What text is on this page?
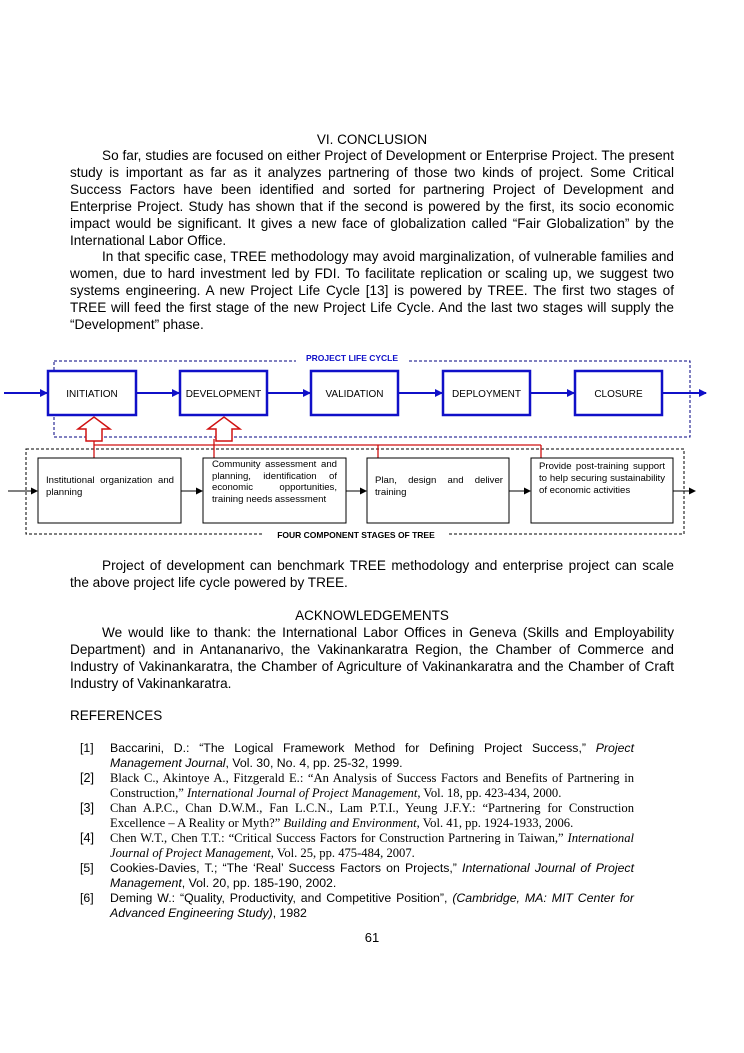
VI. CONCLUSION

So far, studies are focused on either Project of Development or Enterprise Project. The present study is important as far as it analyzes partnering of those two kinds of project. Some Critical Success Factors have been identified and sorted for partnering Project of Development and Enterprise Project. Study has shown that if the second is powered by the first, its socio economic impact would be significant. It gives a new face of globalization called “Fair Globalization” by the International Labor Office.

In that specific case, TREE methodology may avoid marginalization, of vulnerable families and women, due to hard investment led by FDI. To facilitate replication or scaling up, we suggest two systems engineering. A new Project Life Cycle [13] is powered by TREE. The first two stages of TREE will feed the first stage of the new Project Life Cycle. And the last two stages will supply the “Development” phase.

PROJECT LIFE CYCLE
INITIATION	DEVELOPMENT	VALIDATION	DEPLOYMENT	CLOSURE
FOUR COMPONENT STAGES OF TREE
Institutional organization and planning
Community assessment and planning, identification of economic opportunities, training needs assessment
Plan, design and deliver training
Provide post-training support to help securing sustainability of economic activities

Project of development can benchmark TREE methodology and enterprise project can scale the above project life cycle powered by TREE.

ACKNOWLEDGEMENTS

We would like to thank: the International Labor Offices in Geneva (Skills and Employability Department) and in Antananarivo, the Vakinankaratra Region, the Chamber of Commerce and Industry of Vakinankaratra, the Chamber of Agriculture of Vakinankaratra and the Chamber of Craft Industry of Vakinankaratra.

REFERENCES

[1] Baccarini, D.: “The Logical Framework Method for Defining Project Success,” Project Management Journal, Vol. 30, No. 4, pp. 25-32, 1999.

[2] Black C., Akintoye A., Fitzgerald E.: “An Analysis of Success Factors and Benefits of Partnering in Construction,” International Journal of Project Management, Vol. 18, pp. 423-434, 2000.

[3] Chan A.P.C., Chan D.W.M., Fan L.C.N., Lam P.T.I., Yeung J.F.Y.: “Partnering for Construction Excellence – A Reality or Myth?” Building and Environment, Vol. 41, pp. 1924-1933, 2006.

[4] Chen W.T., Chen T.T.: “Critical Success Factors for Construction Partnering in Taiwan,” International Journal of Project Management, Vol. 25, pp. 475-484, 2007.

[5] Cookies-Davies, T.; “The ‘Real’ Success Factors on Projects,” International Journal of Project Management, Vol. 20, pp. 185-190, 2002.

[6] Deming W.: “Quality, Productivity, and Competitive Position”, (Cambridge, MA: MIT Center for Advanced Engineering Study), 1982

61
